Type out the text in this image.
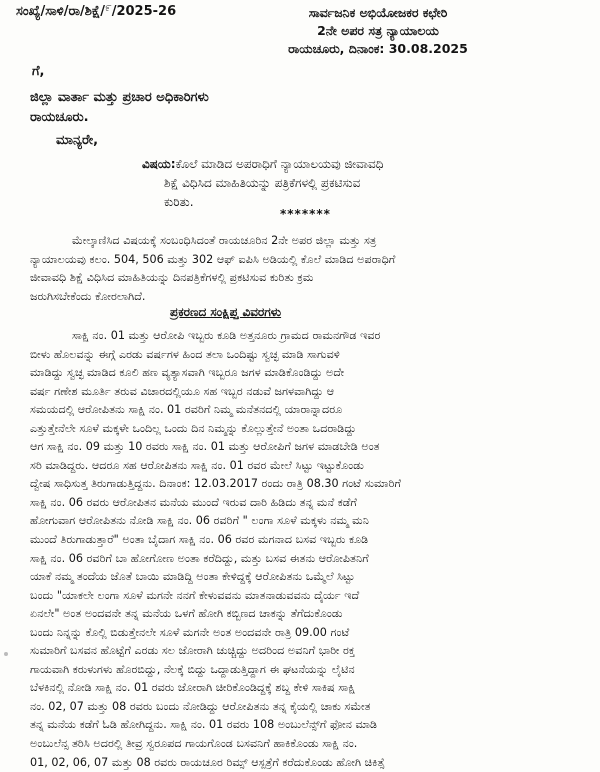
ಸಂಖ್ಯೆ/ಸಾಳಿ/ರಾ/ಶಿಕ್ಷೆ/೯/2025-26	ಸಾರ್ವಜನಿಕ ಅಭಿಯೋಜಕರ ಕಛೇರಿ
2ನೇ ಅಪರ ಸತ್ರ ನ್ಯಾಯಾಲಯ
ರಾಯಚೂರು, ದಿನಾಂಕ: 30.08.2025
ಗೆ,
ಜಿಲ್ಲಾ ವಾರ್ತಾ ಮತ್ತು ಪ್ರಚಾರ ಅಧಿಕಾರಿಗಳು
ರಾಯಚೂರು.
ಮಾನ್ಯರೇ,
ವಿಷಯ:ಕೊಲೆ ಮಾಡಿದ ಅಪರಾಧಿಗೆ ನ್ಯಾಯಾಲಯವು ಜೀವಾವಧಿ
ಶಿಕ್ಷೆ ವಿಧಿಸಿದ ಮಾಹಿತಿಯನ್ನು ಪತ್ರಿಕೆಗಳಲ್ಲಿ ಪ್ರಕಟಿಸುವ
ಕುರಿತು.
*******
ಮೇಲ್ಕಾಣಿಸಿದ ವಿಷಯಕ್ಕೆ ಸಂಬಂಧಿಸಿದಂತೆ ರಾಯಚೂರಿನ 2ನೇ ಅಪರ ಜಿಲ್ಲಾ ಮತ್ತು ಸತ್ರ
ನ್ಯಾಯಾಲಯವು ಕಲಂ. 504, 506 ಮತ್ತು 302 ಆಫ್ ಐಪಿಸಿ ಅಡಿಯಲ್ಲಿ ಕೊಲೆ ಮಾಡಿದ ಅಪರಾಧಿಗೆ
ಜೀವಾವಧಿ ಶಿಕ್ಷೆ ವಿಧಿಸಿದ ಮಾಹಿತಿಯನ್ನು ದಿನಪತ್ರಿಕೆಗಳಲ್ಲಿ ಪ್ರಕಟಿಸುವ ಕುರಿತು ಕ್ರಮ
ಜರುಗಿಸಬೇಕೆಂದು ಕೋರಲಾಗಿದೆ.
ಪ್ರಕರಣದ ಸಂಕ್ಷಿಪ್ತ ವಿವರಗಳು
ಸಾಕ್ಷಿ ನಂ. 01 ಮತ್ತು ಆರೋಪಿ ಇಬ್ಬರು ಕೂಡಿ ಅತ್ತನೂರು ಗ್ರಾಮದ ರಾಮನಗೌಡ ಇವರ
ಬೀಳು ಹೊಲವನ್ನು ಈಗ್ಗೆ ಎರಡು ವರ್ಷಗಳ ಹಿಂದ ತಲಾ ಒಂದಿಷ್ಟು ಸ್ವಚ್ಛ ಮಾಡಿ ಸಾಗುವಳಿ
ಮಾಡಿದ್ದು ಸ್ವಚ್ಛ ಮಾಡಿದ ಕೂಲಿ ಹಣ ವ್ಯತ್ಯಾಸವಾಗಿ ಇಬ್ಬರೂ ಜಗಳ ಮಾಡಿಕೊಂಡಿದ್ದು ಅದೇ
ವರ್ಷ ಗಣೇಶ ಮೂರ್ತಿ ತರುವ ವಿಚಾರದಲ್ಲಿಯೂ ಸಹ ಇಬ್ಬರ ನಡುವೆ ಜಗಳವಾಗಿದ್ದು ಆ
ಸಮಯದಲ್ಲಿ ಆರೋಪಿತನು ಸಾಕ್ಷಿ ನಂ. 01 ರವರಿಗೆ ನಿಮ್ಮ ಮನೆತನದಲ್ಲಿ ಯಾರಾನ್ನಾದರೂ
ಎತ್ತುತ್ತೇನೆಲೇ ಸೂಳೆ ಮಕ್ಕಳೇ ಒಂದಿಲ್ಲ ಒಂದು ದಿನ ನಿಮ್ಮನ್ನು ಕೊಲ್ಲುತ್ತೇನೆ ಅಂತಾ ಒದರಾಡಿದ್ದು
ಆಗ ಸಾಕ್ಷಿ ನಂ. 09 ಮತ್ತು 10 ರವರು ಸಾಕ್ಷಿ ನಂ. 01 ಮತ್ತು ಆರೋಪಿಗೆ ಜಗಳ ಮಾಡಬೇಡಿ ಅಂತ
ಸರಿ ಮಾಡಿದ್ದರು. ಆದರೂ ಸಹ ಆರೋಪಿತನು ಸಾಕ್ಷಿ ನಂ. 01 ರವರ ಮೇಲೆ ಸಿಟ್ಟು ಇಟ್ಟುಕೊಂಡು
ದ್ವೇಷ ಸಾಧಿಸುತ್ತ ತಿರುಗಾಡುತ್ತಿದ್ದನು. ದಿನಾಂಕ: 12.03.2017 ರಂದು ರಾತ್ರಿ 08.30 ಗಂಟೆ ಸುಮಾರಿಗೆ
ಸಾಕ್ಷಿ ನಂ. 06 ರವರು ಆರೋಪಿತನ ಮನೆಯ ಮುಂದೆ ಇರುವ ದಾರಿ ಹಿಡಿದು ತನ್ನ ಮನೆ ಕಡೆಗೆ
ಹೋಗುವಾಗ ಆರೋಪಿತನು ನೋಡಿ ಸಾಕ್ಷಿ ನಂ. 06 ರವರಿಗೆ " ಲಂಗಾ ಸೂಳೆ ಮಕ್ಕಳು ನಮ್ಮ ಮನಿ
ಮುಂದೆ ತಿರುಗಾಡುತ್ತಾರೆ" ಅಂತಾ ಬೈದಾಗ ಸಾಕ್ಷಿ ನಂ. 06 ರವರ ಮಗನಾದ ಬಸವ ಇಬ್ಬರು ಕೂಡಿ
ಸಾಕ್ಷಿ ನಂ. 06 ರವರಿಗೆ ಬಾ ಹೋಗೋಣ ಅಂತಾ ಕರೆದಿದ್ದು, ಮತ್ತು ಬಸವ ಈತನು ಆರೋಪಿತನಿಗೆ
ಯಾಕೆ ನಮ್ಮ ತಂದೆಯ ಜೊತೆ ಬಾಯಿ ಮಾಡಿದ್ದಿ ಅಂತಾ ಕೇಳಿದ್ದಕ್ಕೆ ಆರೋಪಿತನು ಒಮ್ಮೆಲೆ ಸಿಟ್ಟು
ಬಂದು "ಯಾಕಲೇ ಲಂಗಾ ಸೂಳೆ ಮಗನೇ ನನಗೆ ಕೇಳುವವನು ಮಾತನಾಡುವವನು ದೈರ್ಯ ಇದೆ
ಏನಲೇ" ಅಂತ ಅಂದವನೇ ತನ್ನ ಮನೆಯ ಒಳಗೆ ಹೋಗಿ ಕಬ್ಬಿಣದ ಚಾಕನ್ನು ತೆಗೆದುಕೊಂಡು
ಬಂದು ನಿನ್ನನ್ನು ಕೊಲ್ಲಿ ಬಿಡುತ್ತೇನಲೇ ಸೂಳೆ ಮಗನೇ ಅಂತ ಅಂದವನೇ ರಾತ್ರಿ 09.00 ಗಂಟೆ
ಸುಮಾರಿಗೆ ಬಸವನ ಹೊಟ್ಟೆಗೆ ಎರಡು ಸಲ ಜೋರಾಗಿ ಚುಚ್ಚಿದ್ದು ಅದರಿಂದ ಅವನಿಗೆ ಭಾರೀ ರಕ್ತ
ಗಾಯವಾಗಿ ಕರುಳುಗಳು ಹೊರಬಿದ್ದು, ನೆಲಕ್ಕೆ ಬಿದ್ದು ಒದ್ದಾಡುತ್ತಿದ್ದಾಗ ಈ ಘಟನೆಯನ್ನು ಲೈಟಿನ
ಬೆಳಕಿನಲ್ಲಿ ನೋಡಿ ಸಾಕ್ಷಿ ನಂ. 01 ರವರು ಜೋರಾಗಿ ಚೀರಿಕೊಂಡಿದ್ದಕ್ಕೆ ಶಬ್ದ ಕೇಳಿ ಸಾಕಿಷ ಸಾಕ್ಷಿ
ನಂ. 02, 07 ಮತ್ತು 08 ರವರು ಬಂದು ನೋಡಿದ್ದು ಆರೋಪಿತನು ತನ್ನ ಕೈಯಲ್ಲಿ ಚಾಕು ಸಮೇತ
ತನ್ನ ಮನೆಯ ಕಡೆಗೆ ಓಡಿ ಹೋಗಿದ್ದನು. ಸಾಕ್ಷಿ ನಂ. 01 ರವರು 108 ಅಂಬುಲೆನ್ಸ್‌ಗೆ ಫೋನ ಮಾಡಿ
ಅಂಬುಲೆನ್ಸ ತರಿಸಿ ಅದರಲ್ಲಿ ತೀವ್ರ ಸ್ವರೂಪದ ಗಾಯಗೊಂಡ ಬಸವನಿಗೆ ಹಾಕಿಕೊಂಡು ಸಾಕ್ಷಿ ನಂ.
01, 02, 06, 07 ಮತ್ತು 08 ರವರು ರಾಯಚೂರ ರಿಮ್ಸ್ ಆಸ್ಪತ್ರೆಗೆ ಕರೆದುಕೊಂಡು ಹೋಗಿ ಚಿಕಿತ್ಸೆ
